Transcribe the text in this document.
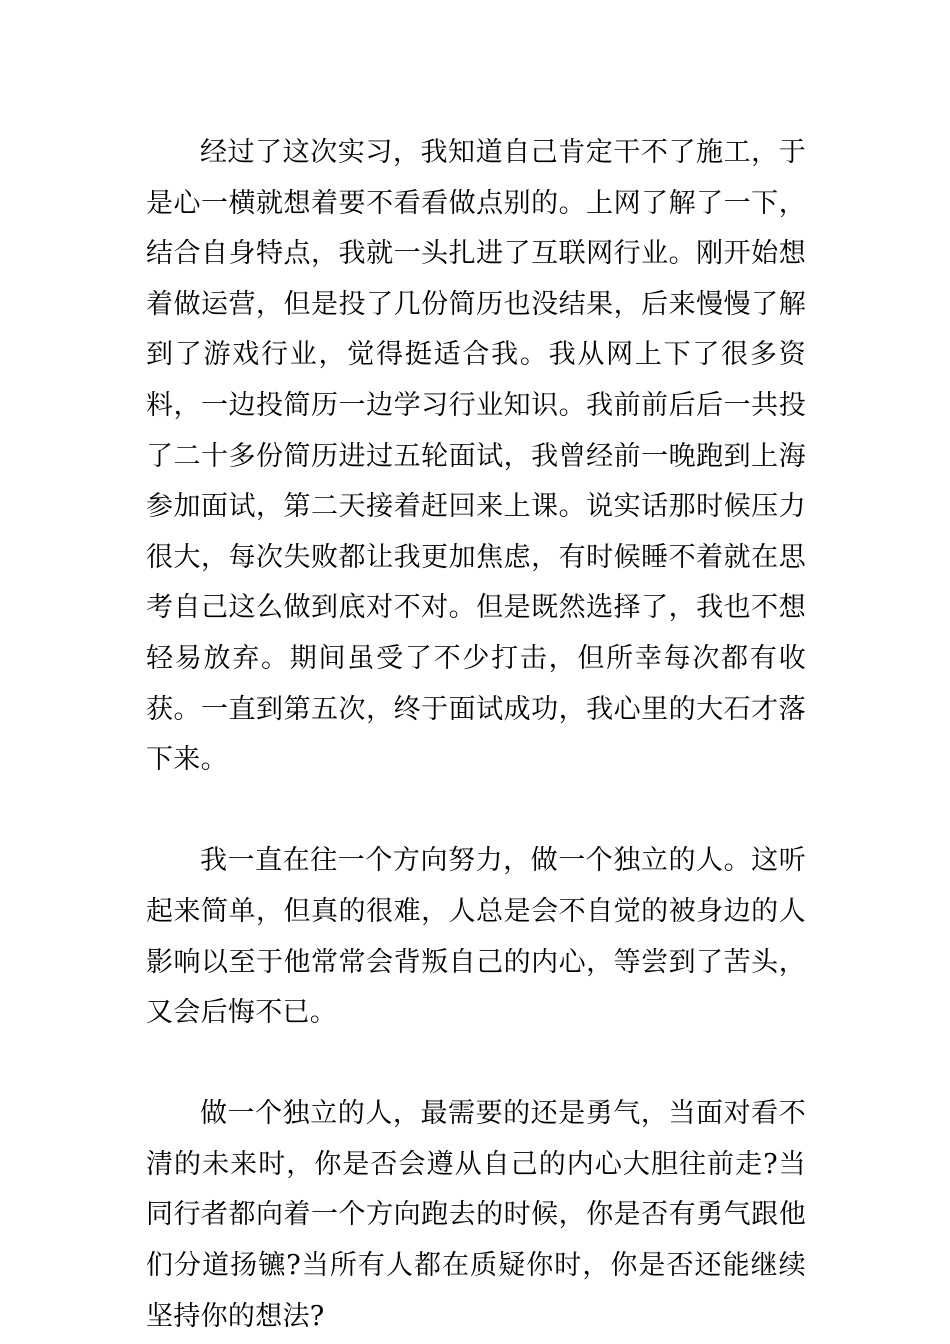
经过了这次实习，我知道自己肯定干不了施工，于是心一横就想着要不看看做点别的。上网了解了一下，结合自身特点，我就一头扎进了互联网行业。刚开始想着做运营，但是投了几份简历也没结果，后来慢慢了解到了游戏行业，觉得挺适合我。我从网上下了很多资料，一边投简历一边学习行业知识。我前前后后一共投了二十多份简历进过五轮面试，我曾经前一晚跑到上海参加面试，第二天接着赶回来上课。说实话那时候压力很大，每次失败都让我更加焦虑，有时候睡不着就在思考自己这么做到底对不对。但是既然选择了，我也不想轻易放弃。期间虽受了不少打击，但所幸每次都有收获。一直到第五次，终于面试成功，我心里的大石才落下来。

我一直在往一个方向努力，做一个独立的人。这听起来简单，但真的很难，人总是会不自觉的被身边的人影响以至于他常常会背叛自己的内心，等尝到了苦头，又会后悔不已。

做一个独立的人，最需要的还是勇气，当面对看不清的未来时，你是否会遵从自己的内心大胆往前走?当同行者都向着一个方向跑去的时候，你是否有勇气跟他们分道扬镳?当所有人都在质疑你时，你是否还能继续坚持你的想法?
